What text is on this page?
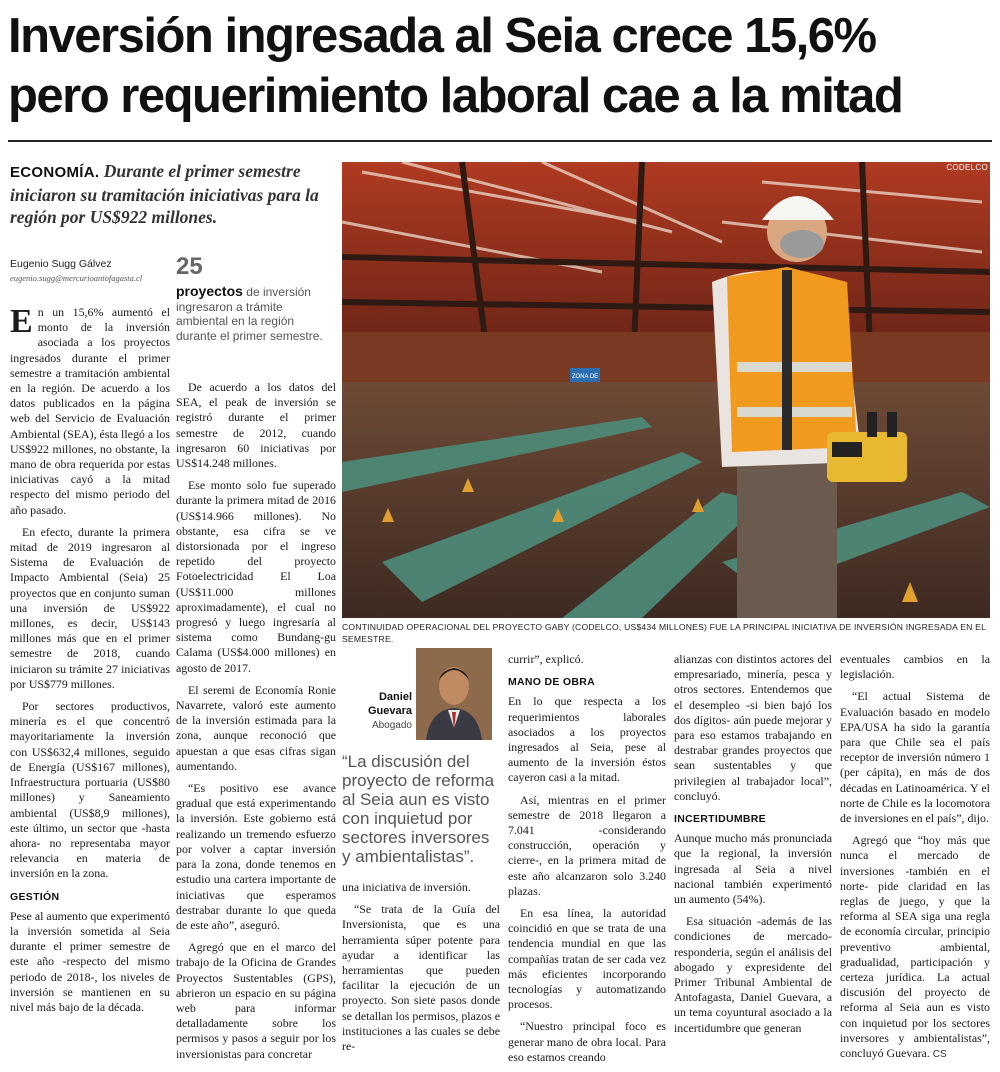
Inversión ingresada al Seia crece 15,6%
pero requerimiento laboral cae a la mitad
ECONOMÍA. Durante el primer semestre iniciaron su tramitación iniciativas para la región por US$922 millones.
ZONA DE
CODELCO
CONTINUIDAD OPERACIONAL DEL PROYECTO GABY (CODELCO, US$434 MILLONES) FUE LA PRINCIPAL INICIATIVA DE INVERSIÓN INGRESADA EN EL SEMESTRE.
Eugenio Sugg Gálvez
eugenio.sugg@mercurioantofagasta.cl	25
proyectos de inversión ingresaron a trámite ambiental en la región durante el primer semestre.

En un 15,6% aumentó el monto de la inversión asociada a los proyectos ingresados durante el primer semestre a tramitación ambiental en la región. De acuerdo a los datos publicados en la página web del Servicio de Evaluación Ambiental (SEA), ésta llegó a los US$922 millones, no obstante, la mano de obra requerida por estas iniciativas cayó a la mitad respecto del mismo periodo del año pasado.

En efecto, durante la primera mitad de 2019 ingresaron al Sistema de Evaluación de Impacto Ambiental (Seia) 25 proyectos que en conjunto suman una inversión de US$922 millones, es decir, US$143 millones más que en el primer semestre de 2018, cuando iniciaron su trámite 27 iniciativas por US$779 millones.

Por sectores productivos, minería es el que concentró mayoritariamente la inversión con US$632,4 millones, seguido de Energía (US$167 millones), Infraestructura portuaria (US$80 millones) y Saneamiento ambiental (US$8,9 millones), este último, un sector que -hasta ahora- no representaba mayor relevancia en materia de inversión en la zona.

GESTIÓN

Pese al aumento que experimentó la inversión sometida al Seia durante el primer semestre de este año -respecto del mismo periodo de 2018-, los niveles de inversión se mantienen en su nivel más bajo de la década.

De acuerdo a los datos del SEA, el peak de inversión se registró durante el primer semestre de 2012, cuando ingresaron 60 iniciativas por US$14.248 millones.

Ese monto solo fue superado durante la primera mitad de 2016 (US$14.966 millones). No obstante, esa cifra se ve distorsionada por el ingreso repetido del proyecto Fotoelectricidad El Loa (US$11.000 millones aproximadamente), el cual no progresó y luego ingresaría al sistema como Bundang-gu Calama (US$4.000 millones) en agosto de 2017.

El seremi de Economía Ronie Navarrete, valoró este aumento de la inversión estimada para la zona, aunque reconoció que apuestan a que esas cifras sigan aumentando.

“Es positivo ese avance gradual que está experimentando la inversión. Este gobierno está realizando un tremendo esfuerzo por volver a captar inversión para la zona, donde tenemos en estudio una cartera importante de iniciativas que esperamos destrabar durante lo que queda de este año”, aseguró.

Agregó que en el marco del trabajo de la Oficina de Grandes Proyectos Sustentables (GPS), abrieron un espacio en su página web para informar detalladamente sobre los permisos y pasos a seguir por los inversionistas para concretar

Daniel Guevara
Abogado
“La discusión del proyecto de reforma al Seia aun es visto con inquietud por sectores inversores y ambientalistas”.

una iniciativa de inversión.

“Se trata de la Guía del Inversionista, que es una herramienta súper potente para ayudar a identificar las herramientas que pueden facilitar la ejecución de un proyecto. Son siete pasos donde se detallan los permisos, plazos e instituciones a las cuales se debe re-

currir”, explicó.

MANO DE OBRA

En lo que respecta a los requerimientos laborales asociados a los proyectos ingresados al Seia, pese al aumento de la inversión éstos cayeron casi a la mitad.

Así, mientras en el primer semestre de 2018 llegaron a 7.041 -considerando construcción, operación y cierre-, en la primera mitad de este año alcanzaron solo 3.240 plazas.

En esa línea, la autoridad coincidió en que se trata de una tendencia mundial en que las compañías tratan de ser cada vez más eficientes incorporando tecnologías y automatizando procesos.

“Nuestro principal foco es generar mano de obra local. Para eso estamos creando

alianzas con distintos actores del empresariado, minería, pesca y otros sectores. Entendemos que el desempleo -si bien bajó los dos dígitos- aún puede mejorar y para eso estamos trabajando en destrabar grandes proyectos que sean sustentables y que privilegien al trabajador local”, concluyó.

INCERTIDUMBRE

Aunque mucho más pronunciada que la regional, la inversión ingresada al Seia a nivel nacional también experimentó un aumento (54%).

Esa situación -además de las condiciones de mercado- responderia, según el análisis del abogado y expresidente del Primer Tribunal Ambiental de Antofagasta, Daniel Guevara, a un tema coyuntural asociado a la incertidumbre que generan

eventuales cambios en la legislación.

“El actual Sistema de Evaluación basado en modelo EPA/USA ha sido la garantía para que Chile sea el país receptor de inversión número 1 (per cápita), en más de dos décadas en Latinoamérica. Y el norte de Chile es la locomotora de inversiones en el país”, dijo.

Agregó que “hoy más que nunca el mercado de inversiones -también en el norte- pide claridad en las reglas de juego, y que la reforma al SEA siga una regla de economía circular, principio preventivo ambiental, gradualidad, participación y certeza jurídica. La actual discusión del proyecto de reforma al Seia aun es visto con inquietud por los sectores inversores y ambientalistas”, concluyó Guevara. CS
